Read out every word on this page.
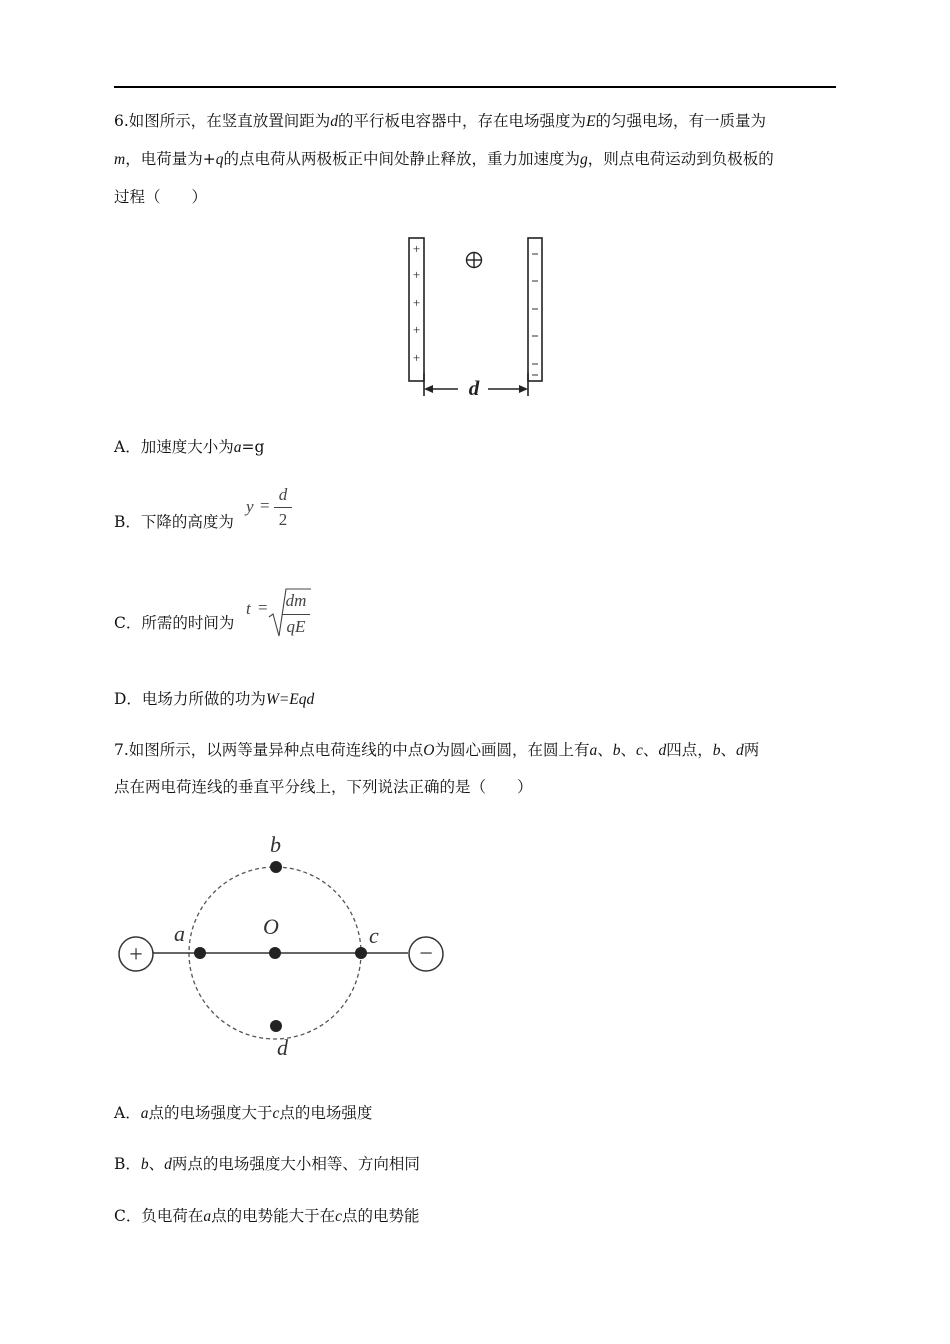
6.如图所示，在竖直放置间距为d的平行板电容器中，存在电场强度为E的匀强电场，有一质量为
m，电荷量为+q的点电荷从两极板正中间处静止释放，重力加速度为g，则点电荷运动到负极板的
过程（　　）
+
+
+
+
+
d
A．加速度大小为a=g
B．下降的高度为
y =
d
2
C．所需的时间为
t = dm
qE
D．电场力所做的功为W=Eqd
7.如图所示，以两等量异种点电荷连线的中点O为圆心画圆，在圆上有a、b、c、d四点，b、d两
点在两电荷连线的垂直平分线上，下列说法正确的是（　　）
+	−
b
a	O	c
d
A．a点的电场强度大于c点的电场强度
B．b、d两点的电场强度大小相等、方向相同
C．负电荷在a点的电势能大于在c点的电势能
